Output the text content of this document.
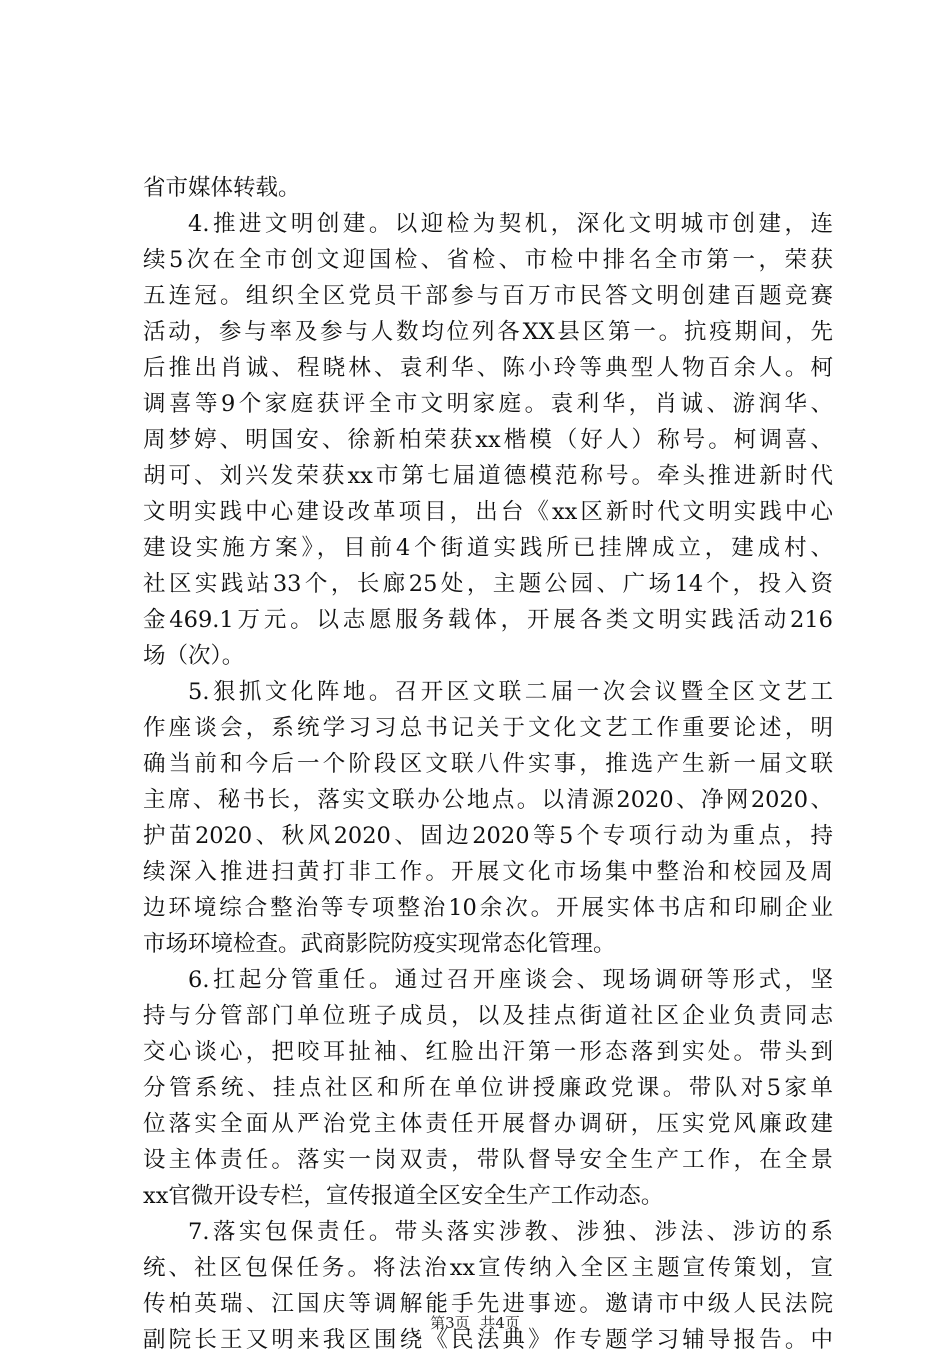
省市媒体转载。
4.推进文明创建。以迎检为契机，深化文明城市创建，连
续5次在全市创文迎国检、省检、市检中排名全市第一，荣获
五连冠。组织全区党员干部参与百万市民答文明创建百题竞赛
活动，参与率及参与人数均位列各XX县区第一。抗疫期间，先
后推出肖诚、程晓林、袁利华、陈小玲等典型人物百余人。柯
调喜等9个家庭获评全市文明家庭。袁利华，肖诚、游润华、
周梦婷、明国安、徐新柏荣获xx楷模（好人）称号。柯调喜、
胡可、刘兴发荣获xx市第七届道德模范称号。牵头推进新时代
文明实践中心建设改革项目，出台《xx区新时代文明实践中心
建设实施方案》，目前4个街道实践所已挂牌成立，建成村、
社区实践站33个，长廊25处，主题公园、广场14个，投入资
金469.1万元。以志愿服务载体，开展各类文明实践活动216
场（次）。
5.狠抓文化阵地。召开区文联二届一次会议暨全区文艺工
作座谈会，系统学习习总书记关于文化文艺工作重要论述，明
确当前和今后一个阶段区文联八件实事，推选产生新一届文联
主席、秘书长，落实文联办公地点。以清源2020、净网2020、
护苗2020、秋风2020、固边2020等5个专项行动为重点，持
续深入推进扫黄打非工作。开展文化市场集中整治和校园及周
边环境综合整治等专项整治10余次。开展实体书店和印刷企业
市场环境检查。武商影院防疫实现常态化管理。
6.扛起分管重任。通过召开座谈会、现场调研等形式，坚
持与分管部门单位班子成员，以及挂点街道社区企业负责同志
交心谈心，把咬耳扯袖、红脸出汗第一形态落到实处。带头到
分管系统、挂点社区和所在单位讲授廉政党课。带队对5家单
位落实全面从严治党主体责任开展督办调研，压实党风廉政建
设主体责任。落实一岗双责，带队督导安全生产工作，在全景
xx官微开设专栏，宣传报道全区安全生产工作动态。
7.落实包保责任。带头落实涉教、涉独、涉法、涉访的系
统、社区包保任务。将法治xx宣传纳入全区主题宣传策划，宣
传柏英瑞、江国庆等调解能手先进事迹。邀请市中级人民法院
副院长王又明来我区围绕《民法典》作专题学习辅导报告。中
第3页 共4页
